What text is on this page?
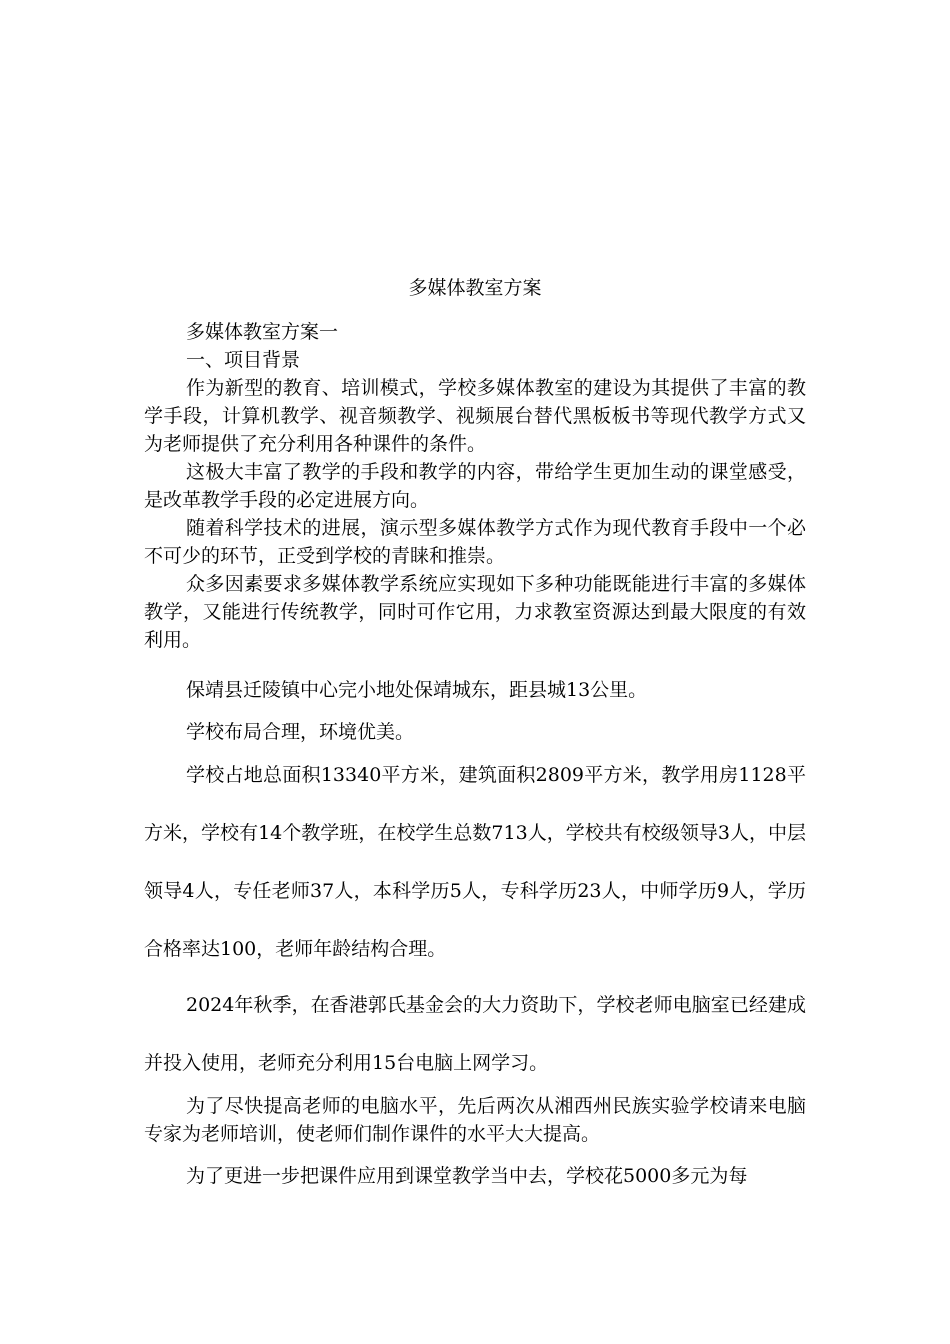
多媒体教室方案
多媒体教室方案一
一、项目背景
作为新型的教育、培训模式，学校多媒体教室的建设为其提供了丰富的教学手段，计算机教学、视音频教学、视频展台替代黑板板书等现代教学方式又为老师提供了充分利用各种课件的条件。
这极大丰富了教学的手段和教学的内容，带给学生更加生动的课堂感受，是改革教学手段的必定进展方向。
随着科学技术的进展，演示型多媒体教学方式作为现代教育手段中一个必不可少的环节，正受到学校的青睐和推崇。
众多因素要求多媒体教学系统应实现如下多种功能既能进行丰富的多媒体教学，又能进行传统教学，同时可作它用，力求教室资源达到最大限度的有效利用。
保靖县迁陵镇中心完小地处保靖城东，距县城13公里。
学校布局合理，环境优美。
学校占地总面积13340平方米，建筑面积2809平方米，教学用房1128平方米，学校有14个教学班，在校学生总数713人，学校共有校级领导3人，中层领导4人，专任老师37人，本科学历5人，专科学历23人，中师学历9人，学历合格率达100，老师年龄结构合理。
2024年秋季，在香港郭氏基金会的大力资助下，学校老师电脑室已经建成并投入使用，老师充分利用15台电脑上网学习。
为了尽快提高老师的电脑水平，先后两次从湘西州民族实验学校请来电脑专家为老师培训，使老师们制作课件的水平大大提高。
为了更进一步把课件应用到课堂教学当中去，学校花5000多元为每
